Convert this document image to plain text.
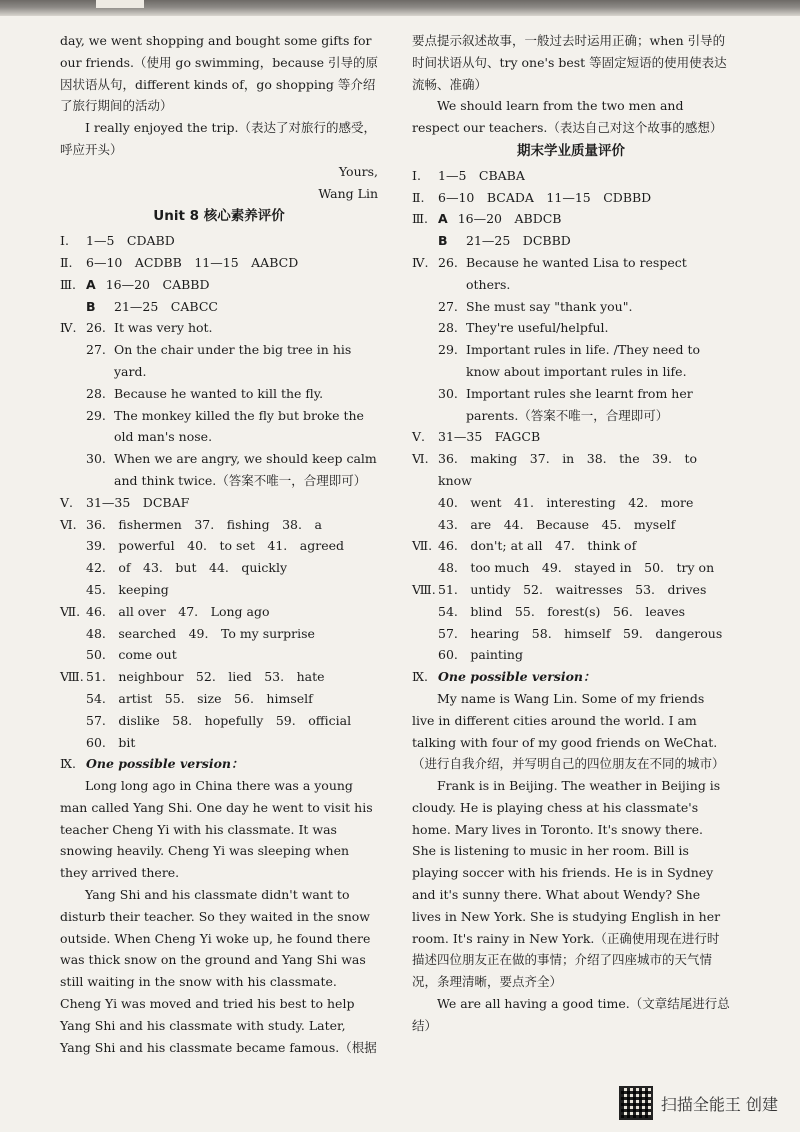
day, we went shopping and bought some gifts for our friends.（使用 go swimming，because 引导的原因状语从句，different kinds of，go shopping 等介绍了旅行期间的活动）

I really enjoyed the trip.（表达了对旅行的感受，呼应开头）

Yours,

Wang Lin

Unit 8 核心素养评价

Ⅰ.	1—5　CDABD
Ⅱ.	6—10　ACDBB　11—15　AABCD
Ⅲ. A 16—20　CABBD
B	21—25　CABCC
Ⅳ. 26. It was very hot.
27. On the chair under the big tree in his yard.
28. Because he wanted to kill the fly.
29. The monkey killed the fly but broke the old man's nose.
30. When we are angry, we should keep calm and think twice.（答案不唯一，合理即可）
Ⅴ.	31—35　DCBAF
Ⅵ. 36.　fishermen　37.　fishing　38.　a
39.　powerful　40.　to set　41.　agreed
42.　of　43.　but　44.　quickly
45.　keeping
Ⅶ. 46.　all over　47.　Long ago
48.　searched　49.　To my surprise
50.　come out
Ⅷ. 51.　neighbour　52.　lied　53.　hate
54.　artist　55.　size　56.　himself
57.　dislike　58.　hopefully　59.　official
60.　bit
Ⅸ. One possible version：

Long long ago in China there was a young man called Yang Shi. One day he went to visit his teacher Cheng Yi with his classmate. It was snowing heavily. Cheng Yi was sleeping when they arrived there.

Yang Shi and his classmate didn't want to disturb their teacher. So they waited in the snow outside. When Cheng Yi woke up, he found there was thick snow on the ground and Yang Shi was still waiting in the snow with his classmate. Cheng Yi was moved and tried his best to help Yang Shi and his classmate with study. Later, Yang Shi and his classmate became famous.（根据

要点提示叙述故事，一般过去时运用正确；when 引导的时间状语从句、try one's best 等固定短语的使用使表达流畅、准确）

We should learn from the two men and respect our teachers.（表达自己对这个故事的感想）

期末学业质量评价

Ⅰ.	1—5　CBABA
Ⅱ.	6—10　BCADA　11—15　CDBBD
Ⅲ. A 16—20　ABDCB
B	21—25　DCBBD
Ⅳ. 26. Because he wanted Lisa to respect others.
27. She must say "thank you".
28. They're useful/helpful.
29. Important rules in life. /They need to know about important rules in life.
30. Important rules she learnt from her parents.（答案不唯一，合理即可）
Ⅴ.	31—35　FAGCB
Ⅵ. 36.　making　37.　in　38.　the　39.　to know
40.　went　41.　interesting　42.　more
43.　are　44.　Because　45.　myself
Ⅶ. 46.　don't; at all　47.　think of
48.　too much　49.　stayed in　50.　try on
Ⅷ. 51.　untidy　52.　waitresses　53.　drives
54.　blind　55.　forest(s)　56.　leaves
57.　hearing　58.　himself　59.　dangerous
60.　painting
Ⅸ. One possible version：

My name is Wang Lin. Some of my friends live in different cities around the world. I am talking with four of my good friends on WeChat.（进行自我介绍，并写明自己的四位朋友在不同的城市）

Frank is in Beijing. The weather in Beijing is cloudy. He is playing chess at his classmate's home. Mary lives in Toronto. It's snowy there. She is listening to music in her room. Bill is playing soccer with his friends. He is in Sydney and it's sunny there. What about Wendy? She lives in New York. She is studying English in her room. It's rainy in New York.（正确使用现在进行时描述四位朋友正在做的事情；介绍了四座城市的天气情况，条理清晰，要点齐全）

We are all having a good time.（文章结尾进行总结）

扫描全能王 创建
